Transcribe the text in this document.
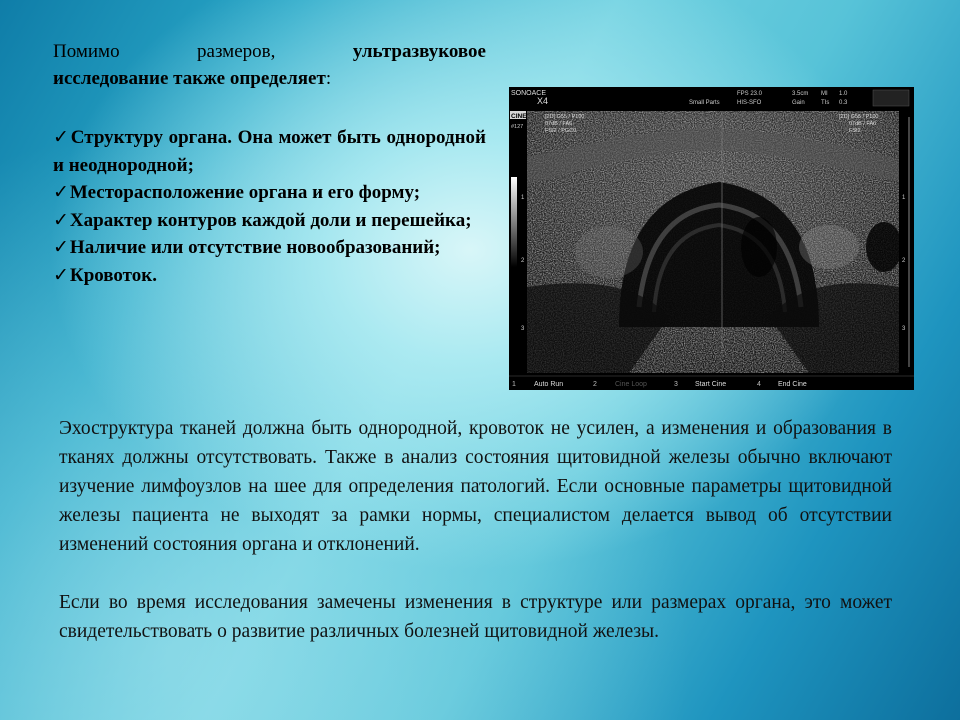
Помимо	размеров,	ультразвуковое
исследование также определяет:
✓Структуру органа. Она может быть однородной и неоднородной;
✓Месторасположение органа и его форму;
✓Характер контуров каждой доли и перешейка;
✓Наличие или отсутствие новообразований;
✓Кровоток.
SONOACE
X4	Small Parts
FPS 23.0
HIS-SFO
3.5cm
Gain
MI 1.0
TIs 0.3
CINE
#127
[2D] G55 / P100
07dB / FA6
FSI2 / PGC0
[2D] G55 / P100
07dB / FA6
FSI2
1
2
3
1
2
3
1	Auto Run	2	Cine Loop	3 Start Cine	4 End Cine

Эхоструктура тканей должна быть однородной, кровоток не усилен, а изменения и образования в тканях должны отсутствовать. Также в анализ состояния щитовидной железы обычно включают изучение лимфоузлов на шее для определения патологий. Если основные параметры щитовидной железы пациента не выходят за рамки нормы, специалистом делается вывод об отсутствии изменений состояния органа и отклонений.

Если во время исследования замечены изменения в структуре или размерах органа, это может свидетельствовать о развитие различных болезней щитовидной железы.
